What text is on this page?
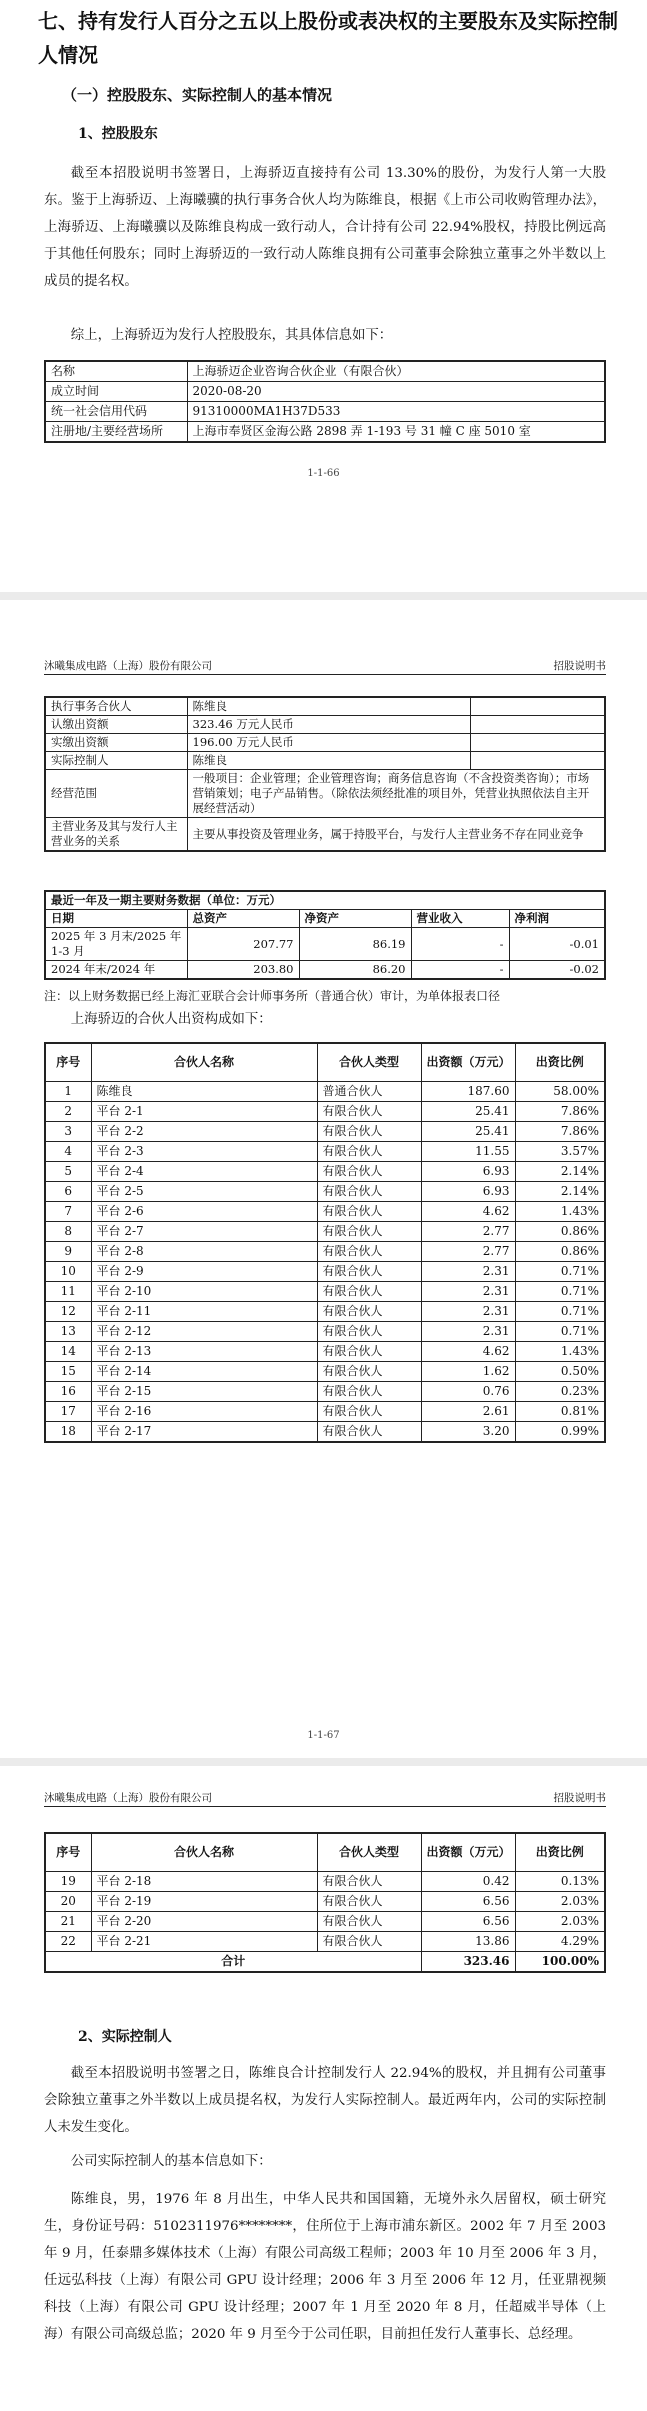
七、持有发行人百分之五以上股份或表决权的主要股东及实际控制人情况
（一）控股股东、实际控制人的基本情况
1、控股股东
截至本招股说明书签署日，上海骄迈直接持有公司 13.30%的股份，为发行人第一大股东。鉴于上海骄迈、上海曦骥的执行事务合伙人均为陈维良，根据《上市公司收购管理办法》，上海骄迈、上海曦骥以及陈维良构成一致行动人，合计持有公司 22.94%股权，持股比例远高于其他任何股东；同时上海骄迈的一致行动人陈维良拥有公司董事会除独立董事之外半数以上成员的提名权。
综上，上海骄迈为发行人控股股东，其具体信息如下：
名称	上海骄迈企业咨询合伙企业（有限合伙）
成立时间	2020-08-20
统一社会信用代码	91310000MA1H37D533
注册地/主要经营场所	上海市奉贤区金海公路 2898 弄 1-193 号 31 幢 C 座 5010 室
1-1-66
沐曦集成电路（上海）股份有限公司	招股说明书
执行事务合伙人	陈维良	
认缴出资额	323.46 万元人民币	
实缴出资额	196.00 万元人民币	
实际控制人	陈维良	
经营范围	一般项目：企业管理；企业管理咨询；商务信息咨询（不含投资类咨询）；市场营销策划；电子产品销售。（除依法须经批准的项目外，凭营业执照依法自主开展经营活动）	
主营业务及其与发行人主营业务的关系	主要从事投资及管理业务，属于持股平台，与发行人主营业务不存在同业竞争	
最近一年及一期主要财务数据（单位：万元）				
日期	总资产	净资产	营业收入	净利润
2025 年 3 月末/2025 年 1-3 月	207.77	86.19	-	-0.01
2024 年末/2024 年	203.80	86.20	-	-0.02
注：以上财务数据已经上海汇亚联合会计师事务所（普通合伙）审计，为单体报表口径
上海骄迈的合伙人出资构成如下：
序号	合伙人名称	合伙人类型	出资额（万元）	出资比例
1	陈维良	普通合伙人	187.60	58.00%
2	平台 2-1	有限合伙人	25.41	7.86%
3	平台 2-2	有限合伙人	25.41	7.86%
4	平台 2-3	有限合伙人	11.55	3.57%
5	平台 2-4	有限合伙人	6.93	2.14%
6	平台 2-5	有限合伙人	6.93	2.14%
7	平台 2-6	有限合伙人	4.62	1.43%
8	平台 2-7	有限合伙人	2.77	0.86%
9	平台 2-8	有限合伙人	2.77	0.86%
10	平台 2-9	有限合伙人	2.31	0.71%
11	平台 2-10	有限合伙人	2.31	0.71%
12	平台 2-11	有限合伙人	2.31	0.71%
13	平台 2-12	有限合伙人	2.31	0.71%
14	平台 2-13	有限合伙人	4.62	1.43%
15	平台 2-14	有限合伙人	1.62	0.50%
16	平台 2-15	有限合伙人	0.76	0.23%
17	平台 2-16	有限合伙人	2.61	0.81%
18	平台 2-17	有限合伙人	3.20	0.99%
1-1-67
沐曦集成电路（上海）股份有限公司	招股说明书
序号	合伙人名称	合伙人类型	出资额（万元）	出资比例
19	平台 2-18	有限合伙人	0.42	0.13%
20	平台 2-19	有限合伙人	6.56	2.03%
21	平台 2-20	有限合伙人	6.56	2.03%
22	平台 2-21	有限合伙人	13.86	4.29%
合计			323.46	100.00%
2、实际控制人
截至本招股说明书签署之日，陈维良合计控制发行人 22.94%的股权，并且拥有公司董事会除独立董事之外半数以上成员提名权，为发行人实际控制人。最近两年内，公司的实际控制人未发生变化。
公司实际控制人的基本信息如下：
陈维良，男，1976 年 8 月出生，中华人民共和国国籍，无境外永久居留权，硕士研究生，身份证号码：5102311976********，住所位于上海市浦东新区。2002 年 7 月至 2003 年 9 月，任泰鼎多媒体技术（上海）有限公司高级工程师；2003 年 10 月至 2006 年 3 月，任远弘科技（上海）有限公司 GPU 设计经理；2006 年 3 月至 2006 年 12 月，任亚鼎视频科技（上海）有限公司 GPU 设计经理；2007 年 1 月至 2020 年 8 月，任超威半导体（上海）有限公司高级总监；2020 年 9 月至今于公司任职，目前担任发行人董事长、总经理。
